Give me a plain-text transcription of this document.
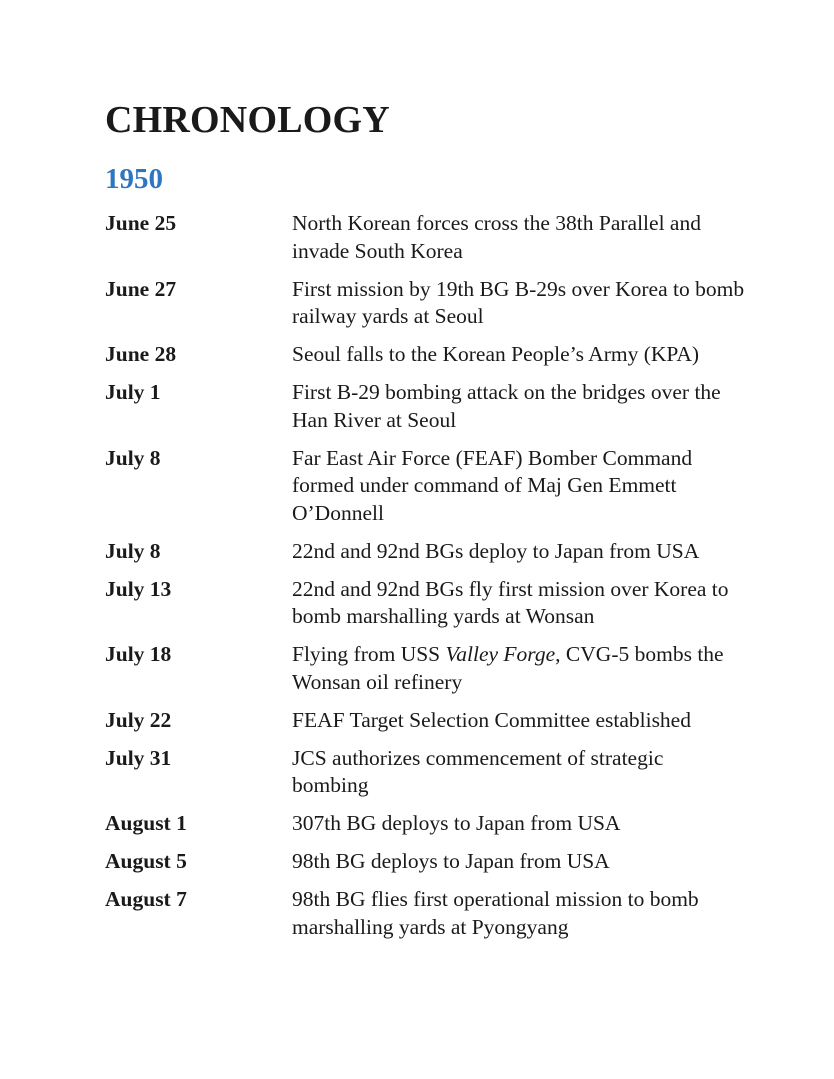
CHRONOLOGY
1950
June 25	North Korean forces cross the 38th Parallel and invade South Korea
June 27	First mission by 19th BG B-29s over Korea to bomb railway yards at Seoul
June 28	Seoul falls to the Korean People’s Army (KPA)
July 1	First B-29 bombing attack on the bridges over the Han River at Seoul
July 8	Far East Air Force (FEAF) Bomber Command formed under command of Maj Gen Emmett O’Donnell
July 8	22nd and 92nd BGs deploy to Japan from USA
July 13	22nd and 92nd BGs fly first mission over Korea to bomb marshalling yards at Wonsan
July 18	Flying from USS Valley Forge, CVG-5 bombs the Wonsan oil refinery
July 22	FEAF Target Selection Committee established
July 31	JCS authorizes commencement of strategic bombing
August 1	307th BG deploys to Japan from USA
August 5	98th BG deploys to Japan from USA
August 7	98th BG flies first operational mission to bomb marshalling yards at Pyongyang
